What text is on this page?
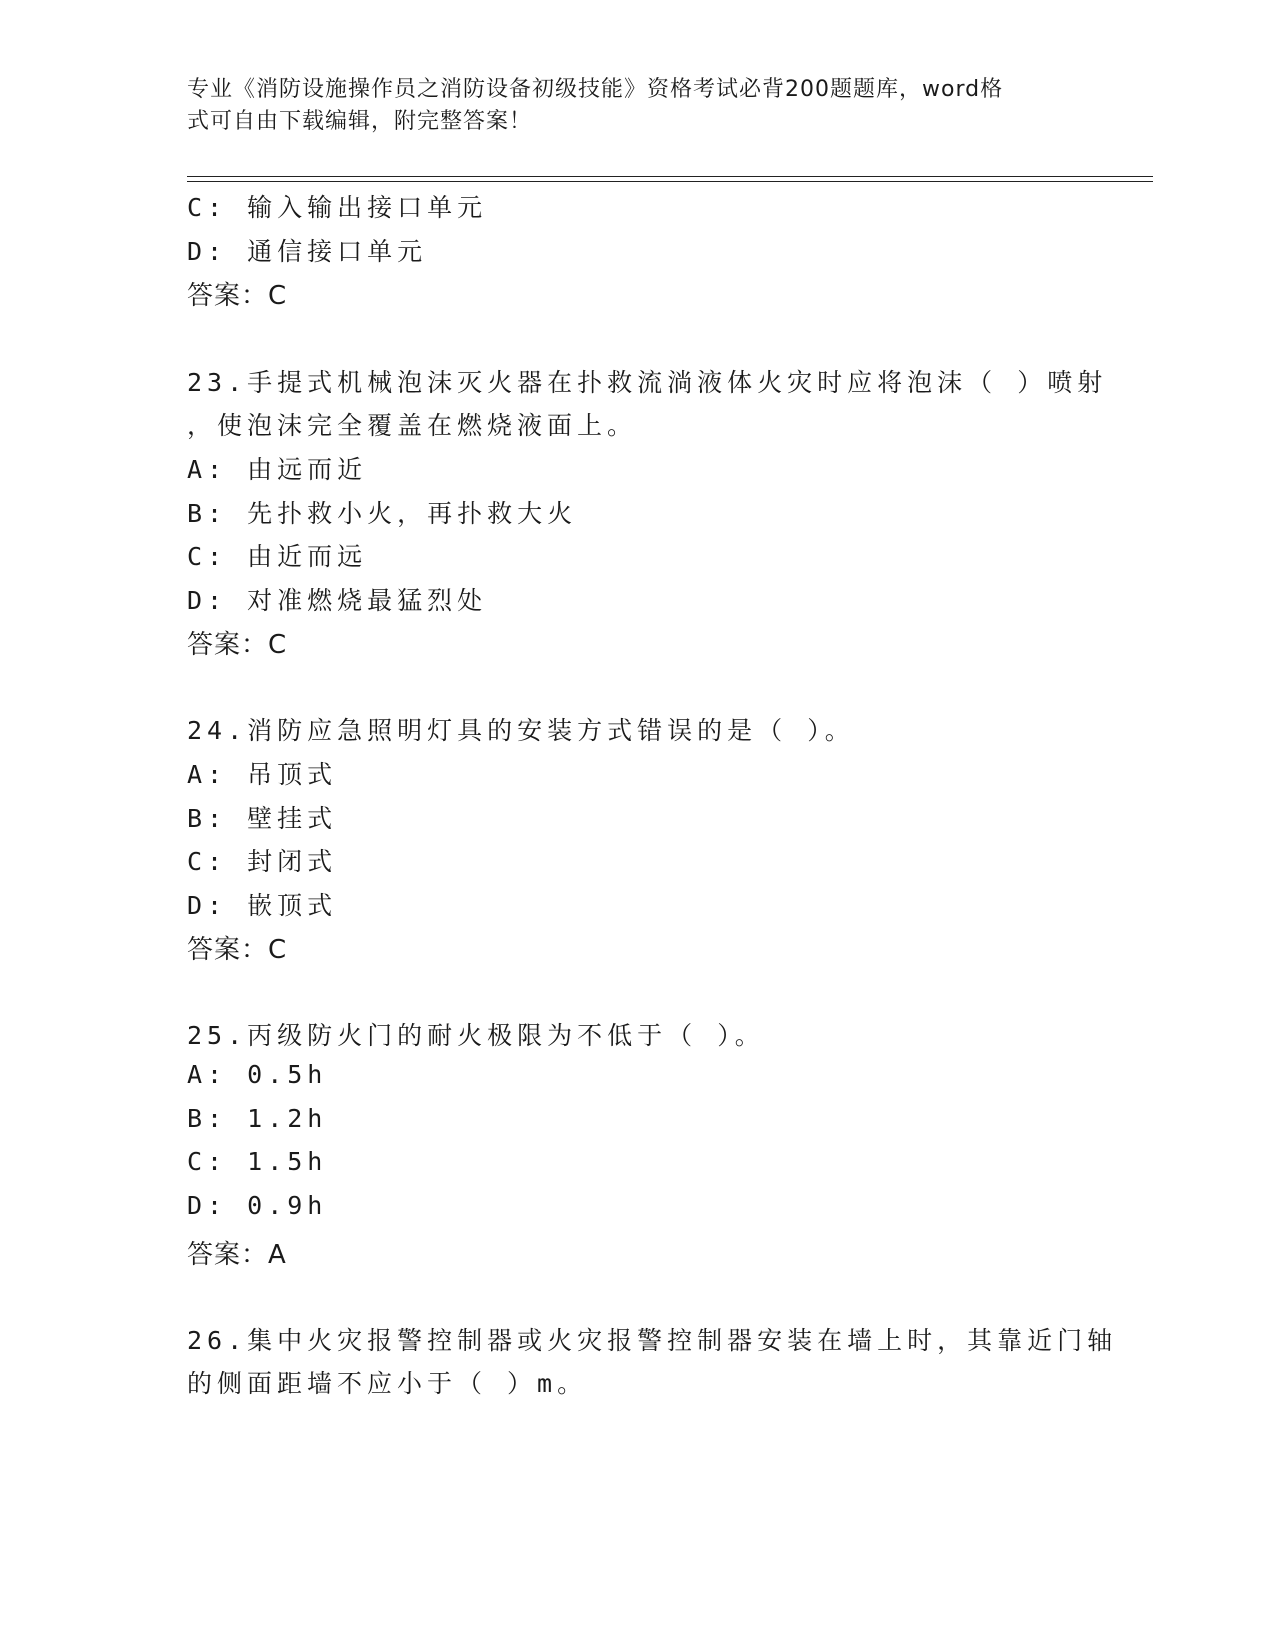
专业《消防设施操作员之消防设备初级技能》资格考试必背200题题库，word格
式可自由下载编辑，附完整答案！
C: 输入输出接口单元
D: 通信接口单元
答案：C
23.手提式机械泡沫灭火器在扑救流淌液体火灾时应将泡沫（ ）喷射
，使泡沫完全覆盖在燃烧液面上。
A: 由远而近
B: 先扑救小火，再扑救大火
C: 由近而远
D: 对准燃烧最猛烈处
答案：C
24.消防应急照明灯具的安装方式错误的是（ ）。
A: 吊顶式
B: 壁挂式
C: 封闭式
D: 嵌顶式
答案：C
25.丙级防火门的耐火极限为不低于（ ）。
A: 0.5h
B: 1.2h
C: 1.5h
D: 0.9h
答案：A
26.集中火灾报警控制器或火灾报警控制器安装在墙上时，其靠近门轴
的侧面距墙不应小于（ ）m。
